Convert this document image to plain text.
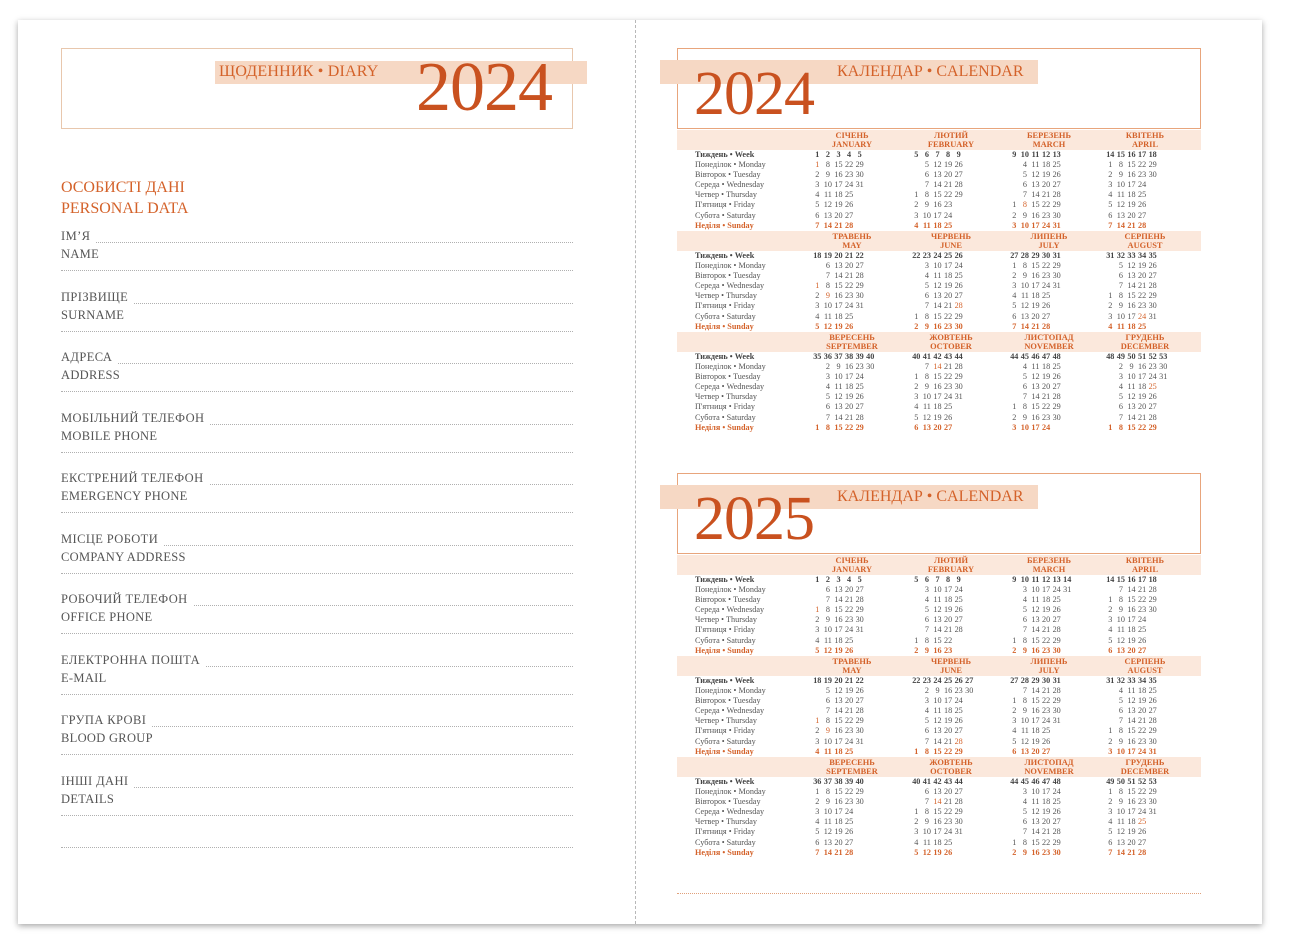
ЩОДЕННИК • DIARY 2024
ОСОБИСТІ ДАНІ
PERSONAL DATA
ІМ’Я
NAME
ПРІЗВИЩЕ
SURNAME
АДРЕСА
ADDRESS
МОБІЛЬНИЙ ТЕЛЕФОН
MOBILE PHONE
ЕКСТРЕНИЙ ТЕЛЕФОН
EMERGENCY PHONE
МІСЦЕ РОБОТИ
COMPANY ADDRESS
РОБОЧИЙ ТЕЛЕФОН
OFFICE PHONE
ЕЛЕКТРОННА ПОШТА
E-MAIL
ГРУПА КРОВІ
BLOOD GROUP
ІНШІ ДАНІ
DETAILS
2024 КАЛЕНДАР • CALENDAR
Тиждень • Week
Понеділок • Monday
Вівторок • Tuesday
Середа • Wednesday
Четвер • Thursday
П'ятниця • Friday
Субота • Saturday
Неділя • Sunday
СІЧЕНЬ
JANUARY
1 2 3 4 5
1 8 15 22 29
2 9 16 23 30
3 10 17 24 31
4 11 18 25
5 12 19 26
6 13 20 27
7 14 21 28
ЛЮТИЙ
FEBRUARY
5 6 7 8 9
5 12 19 26
6 13 20 27
7 14 21 28
1 8 15 22 29
2 9 16 23
3 10 17 24
4 11 18 25
БЕРЕЗЕНЬ
MARCH
9 10 11 12 13
4 11 18 25
5 12 19 26
6 13 20 27
7 14 21 28
1 8 15 22 29
2 9 16 23 30
3 10 17 24 31
КВІТЕНЬ
APRIL
14 15 16 17 18
1 8 15 22 29
2 9 16 23 30
3 10 17 24
4 11 18 25
5 12 19 26
6 13 20 27
7 14 21 28
Тиждень • Week
Понеділок • Monday
Вівторок • Tuesday
Середа • Wednesday
Четвер • Thursday
П'ятниця • Friday
Субота • Saturday
Неділя • Sunday
ТРАВЕНЬ
MAY
18 19 20 21 22
6 13 20 27
7 14 21 28
1 8 15 22 29
2 9 16 23 30
3 10 17 24 31
4 11 18 25
5 12 19 26
ЧЕРВЕНЬ
JUNE
22 23 24 25 26
3 10 17 24
4 11 18 25
5 12 19 26
6 13 20 27
7 14 21 28
1 8 15 22 29
2 9 16 23 30
ЛИПЕНЬ
JULY
27 28 29 30 31
1 8 15 22 29
2 9 16 23 30
3 10 17 24 31
4 11 18 25
5 12 19 26
6 13 20 27
7 14 21 28
СЕРПЕНЬ
AUGUST
31 32 33 34 35
5 12 19 26
6 13 20 27
7 14 21 28
1 8 15 22 29
2 9 16 23 30
3 10 17 24 31
4 11 18 25
Тиждень • Week
Понеділок • Monday
Вівторок • Tuesday
Середа • Wednesday
Четвер • Thursday
П'ятниця • Friday
Субота • Saturday
Неділя • Sunday
ВЕРЕСЕНЬ
SEPTEMBER
35 36 37 38 39 40
2 9 16 23 30
3 10 17 24
4 11 18 25
5 12 19 26
6 13 20 27
7 14 21 28
1 8 15 22 29
ЖОВТЕНЬ
OCTOBER
40 41 42 43 44
7 14 21 28
1 8 15 22 29
2 9 16 23 30
3 10 17 24 31
4 11 18 25
5 12 19 26
6 13 20 27
ЛИСТОПАД
NOVEMBER
44 45 46 47 48
4 11 18 25
5 12 19 26
6 13 20 27
7 14 21 28
1 8 15 22 29
2 9 16 23 30
3 10 17 24
ГРУДЕНЬ
DECEMBER
48 49 50 51 52 53
2 9 16 23 30
3 10 17 24 31
4 11 18 25
5 12 19 26
6 13 20 27
7 14 21 28
1 8 15 22 29
2025 КАЛЕНДАР • CALENDAR
Тиждень • Week
Понеділок • Monday
Вівторок • Tuesday
Середа • Wednesday
Четвер • Thursday
П'ятниця • Friday
Субота • Saturday
Неділя • Sunday
СІЧЕНЬ
JANUARY
1 2 3 4 5
6 13 20 27
7 14 21 28
1 8 15 22 29
2 9 16 23 30
3 10 17 24 31
4 11 18 25
5 12 19 26
ЛЮТИЙ
FEBRUARY
5 6 7 8 9
3 10 17 24
4 11 18 25
5 12 19 26
6 13 20 27
7 14 21 28
1 8 15 22
2 9 16 23
БЕРЕЗЕНЬ
MARCH
9 10 11 12 13 14
3 10 17 24 31
4 11 18 25
5 12 19 26
6 13 20 27
7 14 21 28
1 8 15 22 29
2 9 16 23 30
КВІТЕНЬ
APRIL
14 15 16 17 18
7 14 21 28
1 8 15 22 29
2 9 16 23 30
3 10 17 24
4 11 18 25
5 12 19 26
6 13 20 27
Тиждень • Week
Понеділок • Monday
Вівторок • Tuesday
Середа • Wednesday
Четвер • Thursday
П'ятниця • Friday
Субота • Saturday
Неділя • Sunday
ТРАВЕНЬ
MAY
18 19 20 21 22
5 12 19 26
6 13 20 27
7 14 21 28
1 8 15 22 29
2 9 16 23 30
3 10 17 24 31
4 11 18 25
ЧЕРВЕНЬ
JUNE
22 23 24 25 26 27
2 9 16 23 30
3 10 17 24
4 11 18 25
5 12 19 26
6 13 20 27
7 14 21 28
1 8 15 22 29
ЛИПЕНЬ
JULY
27 28 29 30 31
7 14 21 28
1 8 15 22 29
2 9 16 23 30
3 10 17 24 31
4 11 18 25
5 12 19 26
6 13 20 27
СЕРПЕНЬ
AUGUST
31 32 33 34 35
4 11 18 25
5 12 19 26
6 13 20 27
7 14 21 28
1 8 15 22 29
2 9 16 23 30
3 10 17 24 31
Тиждень • Week
Понеділок • Monday
Вівторок • Tuesday
Середа • Wednesday
Четвер • Thursday
П'ятниця • Friday
Субота • Saturday
Неділя • Sunday
ВЕРЕСЕНЬ
SEPTEMBER
36 37 38 39 40
1 8 15 22 29
2 9 16 23 30
3 10 17 24
4 11 18 25
5 12 19 26
6 13 20 27
7 14 21 28
ЖОВТЕНЬ
OCTOBER
40 41 42 43 44
6 13 20 27
7 14 21 28
1 8 15 22 29
2 9 16 23 30
3 10 17 24 31
4 11 18 25
5 12 19 26
ЛИСТОПАД
NOVEMBER
44 45 46 47 48
3 10 17 24
4 11 18 25
5 12 19 26
6 13 20 27
7 14 21 28
1 8 15 22 29
2 9 16 23 30
ГРУДЕНЬ
DECEMBER
49 50 51 52 53
1 8 15 22 29
2 9 16 23 30
3 10 17 24 31
4 11 18 25
5 12 19 26
6 13 20 27
7 14 21 28
